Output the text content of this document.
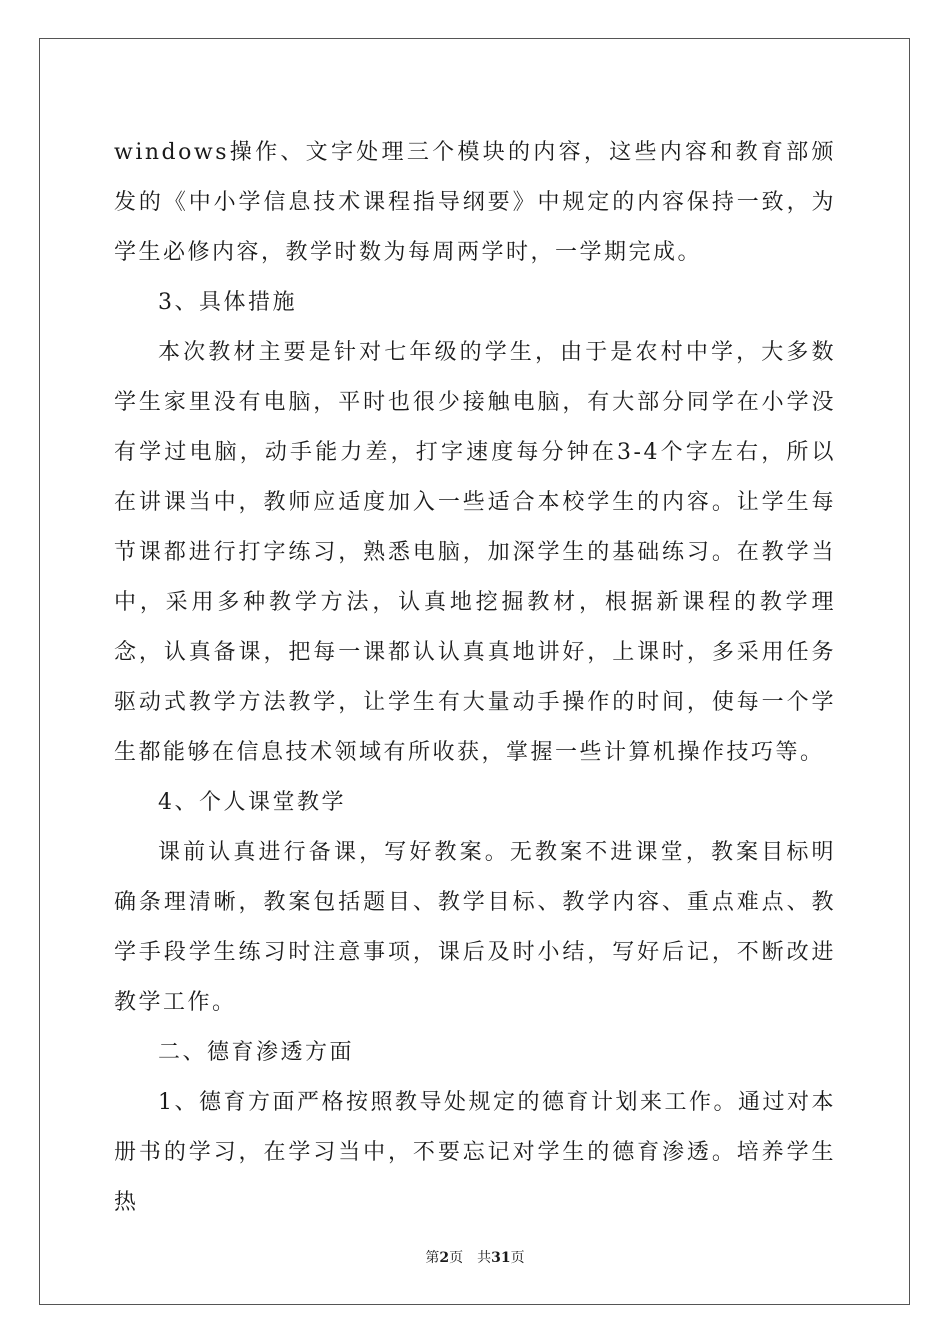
windows操作、文字处理三个模块的内容，这些内容和教育部颁发的《中小学信息技术课程指导纲要》中规定的内容保持一致，为学生必修内容，教学时数为每周两学时，一学期完成。

3、具体措施

本次教材主要是针对七年级的学生，由于是农村中学，大多数学生家里没有电脑，平时也很少接触电脑，有大部分同学在小学没有学过电脑，动手能力差，打字速度每分钟在3-4个字左右，所以在讲课当中，教师应适度加入一些适合本校学生的内容。让学生每节课都进行打字练习，熟悉电脑，加深学生的基础练习。在教学当中，采用多种教学方法，认真地挖掘教材，根据新课程的教学理念，认真备课，把每一课都认认真真地讲好，上课时，多采用任务驱动式教学方法教学，让学生有大量动手操作的时间，使每一个学生都能够在信息技术领域有所收获，掌握一些计算机操作技巧等。

4、个人课堂教学

课前认真进行备课，写好教案。无教案不进课堂，教案目标明确条理清晰，教案包括题目、教学目标、教学内容、重点难点、教学手段学生练习时注意事项，课后及时小结，写好后记，不断改进教学工作。

二、德育渗透方面

1、德育方面严格按照教导处规定的德育计划来工作。通过对本册书的学习，在学习当中，不要忘记对学生的德育渗透。培养学生热

第2页 共31页
